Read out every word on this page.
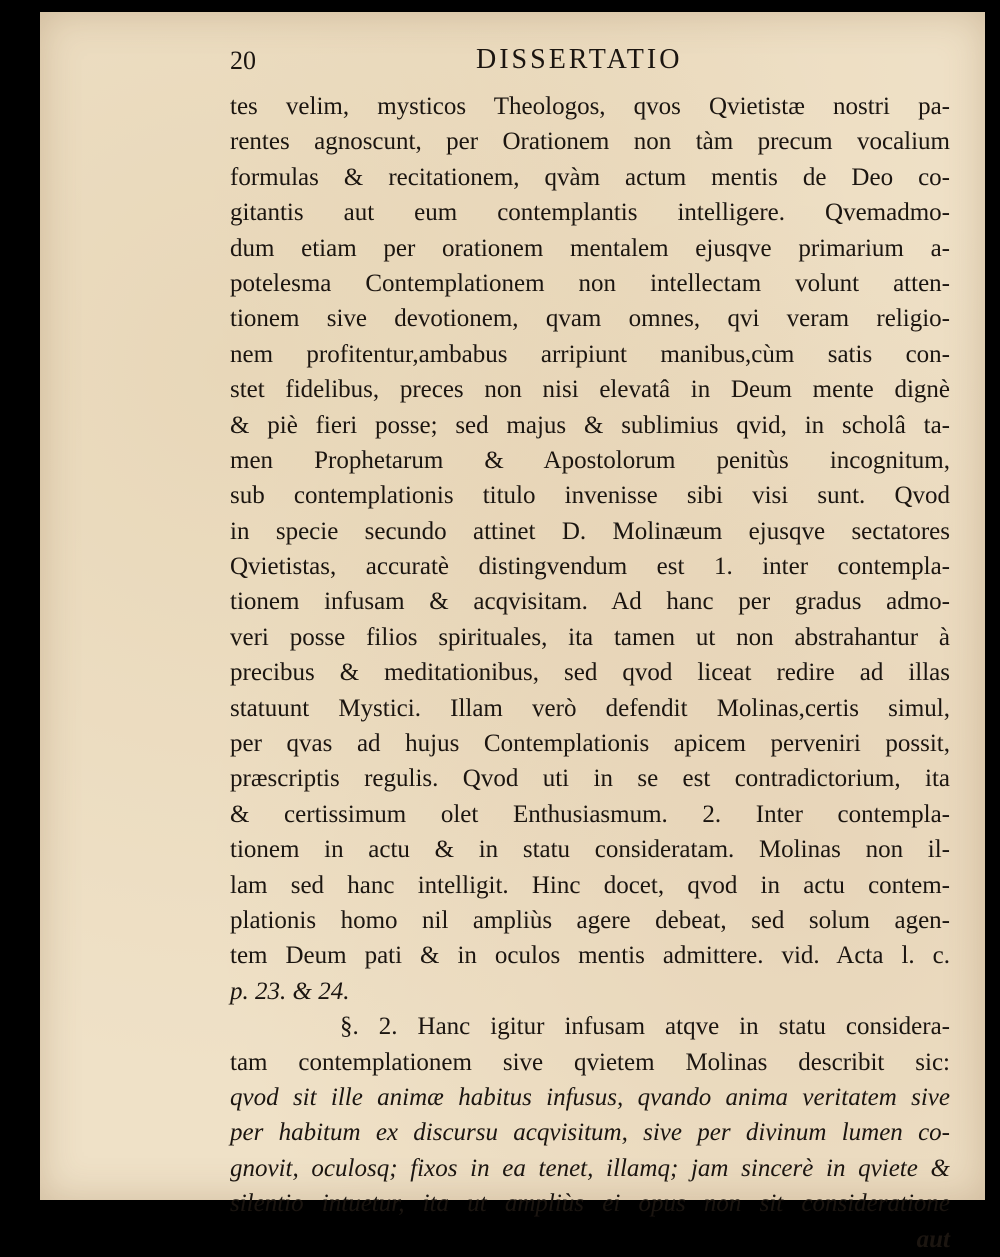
20	DISSERTATIO
tes velim, mysticos Theologos, qvos Qvietistæ nostri pa-
rentes agnoscunt, per Orationem non tàm precum vocalium
formulas & recitationem, qvàm actum mentis de Deo co-
gitantis aut eum contemplantis intelligere. Qvemadmo-
dum etiam per orationem mentalem ejusqve primarium a-
potelesma Contemplationem non intellectam volunt atten-
tionem sive devotionem, qvam omnes, qvi veram religio-
nem profitentur,ambabus arripiunt manibus,cùm satis con-
stet fidelibus, preces non nisi elevatâ in Deum mente dignè
& piè fieri posse; sed majus & sublimius qvid, in scholâ ta-
men Prophetarum & Apostolorum penitùs incognitum,
sub contemplationis titulo invenisse sibi visi sunt. Qvod
in specie secundo attinet D. Molinæum ejusqve sectatores
Qvietistas, accuratè distingvendum est 1. inter contempla-
tionem infusam & acqvisitam. Ad hanc per gradus admo-
veri posse filios spirituales, ita tamen ut non abstrahantur à
precibus & meditationibus, sed qvod liceat redire ad illas
statuunt Mystici. Illam verò defendit Molinas,certis simul,
per qvas ad hujus Contemplationis apicem perveniri possit,
præscriptis regulis. Qvod uti in se est contradictorium, ita
& certissimum olet Enthusiasmum. 2. Inter contempla-
tionem in actu & in statu consideratam. Molinas non il-
lam sed hanc intelligit. Hinc docet, qvod in actu contem-
plationis homo nil ampliùs agere debeat, sed solum agen-
tem Deum pati & in oculos mentis admittere. vid. Acta l. c.
p. 23. & 24.
§. 2. Hanc igitur infusam atqve in statu considera-
tam contemplationem sive qvietem Molinas describit sic:
qvod sit ille animæ habitus infusus, qvando anima veritatem sive
per habitum ex discursu acqvisitum, sive per divinum lumen co-
gnovit, oculosq; fixos in ea tenet, illamq; jam sincerè in qviete &
silentio intuetur, ita ut ampliùs ei opus non sit consideratione
aut
